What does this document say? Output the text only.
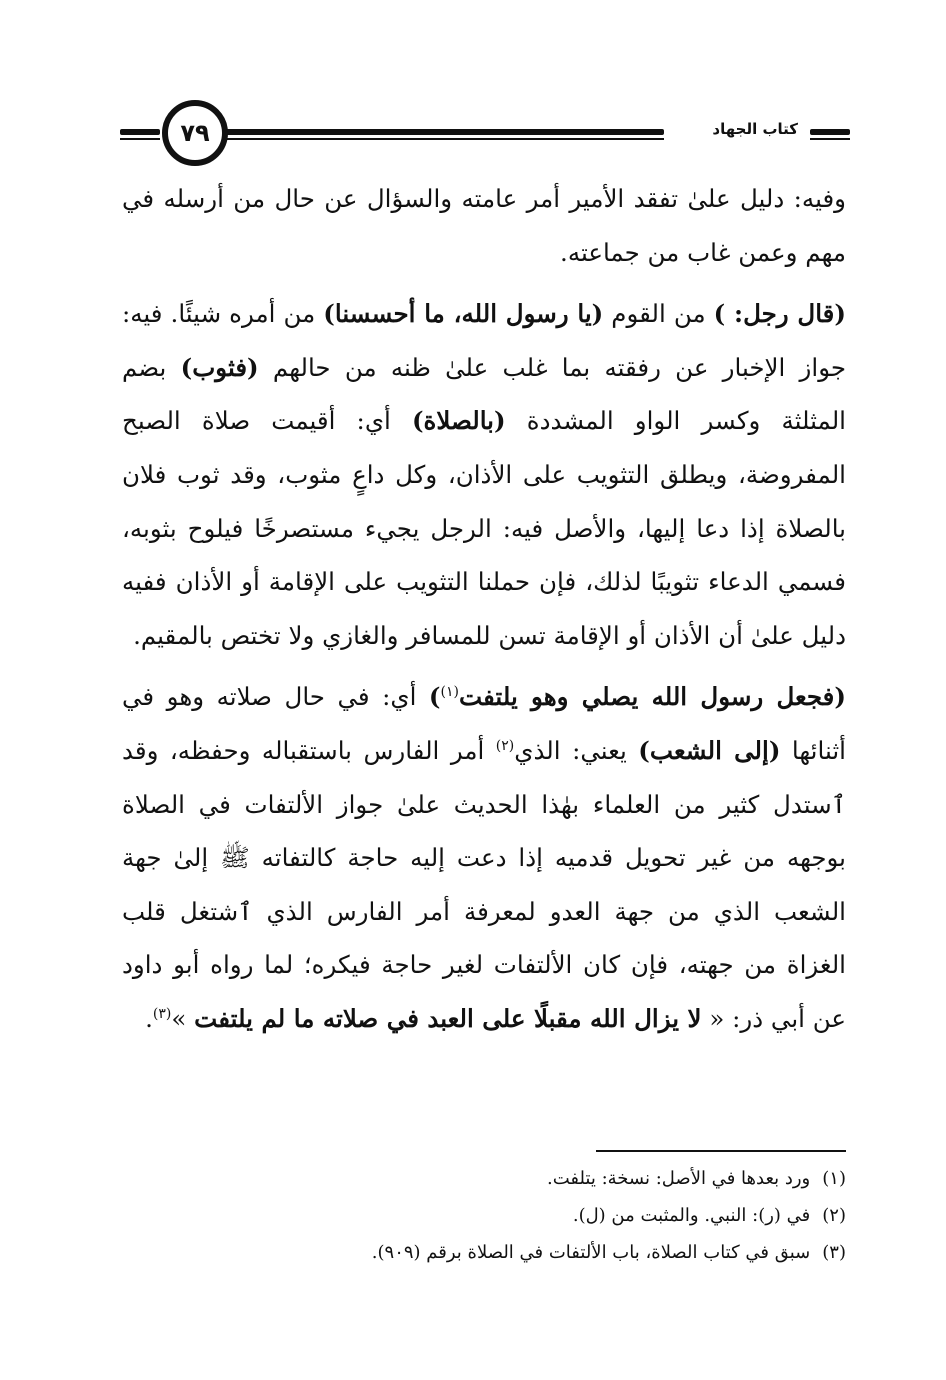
٧٩	كتاب الجهاد

وفيه: دليل علىٰ تفقد الأمير أمر عامته والسؤال عن حال من أرسله في مهم وعمن غاب من جماعته.

(قال رجل: ) من القوم (يا رسول الله، ما أحسسنا) من أمره شيئًا. فيه: جواز الإخبار عن رفقته بما غلب علىٰ ظنه من حالهم (فثوب) بضم المثلثة وكسر الواو المشددة (بالصلاة) أي: أقيمت صلاة الصبح المفروضة، ويطلق التثويب على الأذان، وكل داعٍ مثوب، وقد ثوب فلان بالصلاة إذا دعا إليها، والأصل فيه: الرجل يجيء مستصرخًا فيلوح بثوبه، فسمي الدعاء تثويبًا لذلك، فإن حملنا التثويب على الإقامة أو الأذان ففيه دليل علىٰ أن الأذان أو الإقامة تسن للمسافر والغازي ولا تختص بالمقيم.

(فجعل رسول الله يصلي وهو يلتفت$^{(١)}$) أي: في حال صلاته وهو في أثنائها (إلى الشعب) يعني: الذي$^{(٢)}$ أمر الفارس باستقباله وحفظه، وقد ٱستدل كثير من العلماء بهٰذا الحديث علىٰ جواز الألتفات في الصلاة بوجهه من غير تحويل قدميه إذا دعت إليه حاجة كالتفاته ﷺ إلىٰ جهة الشعب الذي من جهة العدو لمعرفة أمر الفارس الذي ٱشتغل قلب الغزاة من جهته، فإن كان الألتفات لغير حاجة فيكره؛ لما رواه أبو داود عن أبي ذر: « لا يزال الله مقبلًا على العبد في صلاته ما لم يلتفت »$^{(٣)}$.

(١)ورد بعدها في الأصل: نسخة: يتلفت.
(٢)في (ر): النبي. والمثبت من (ل).
(٣)سبق في كتاب الصلاة، باب الألتفات في الصلاة برقم (٩٠٩).
